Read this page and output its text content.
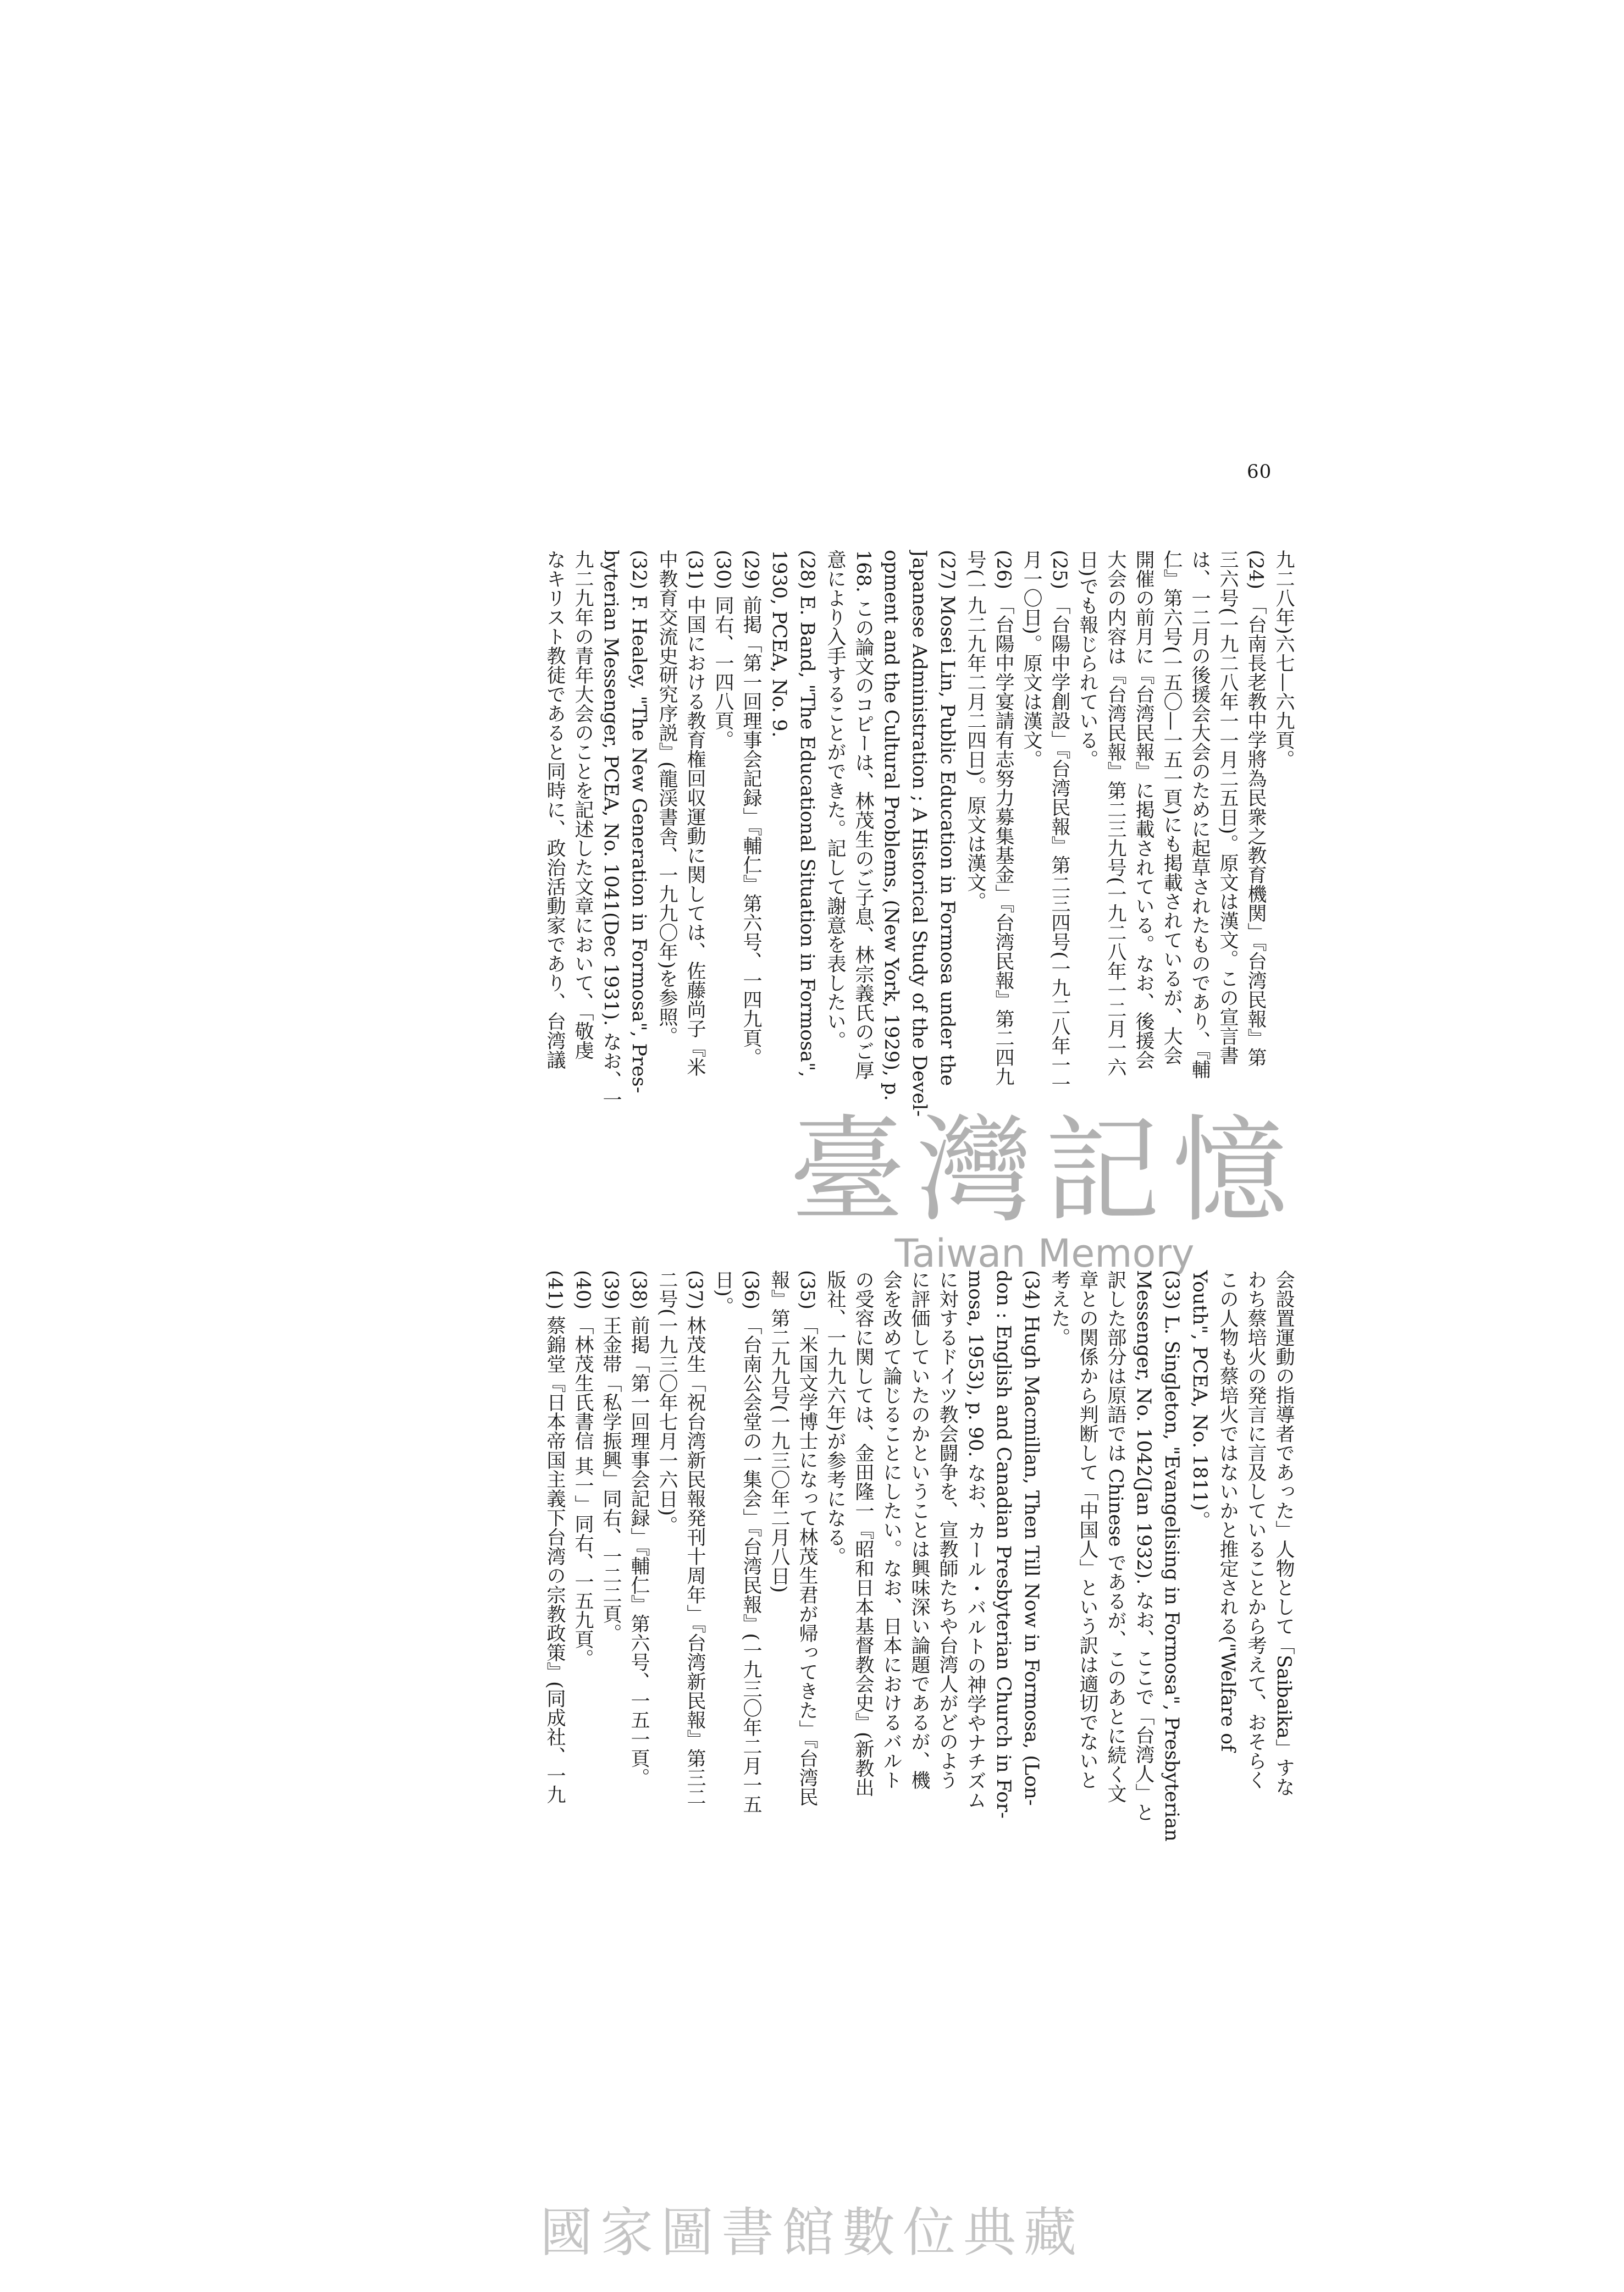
60
九二八年)六七—六九頁。
(24) 「台南長老教中学將為民衆之教育機関」『台湾民報』第
三六号(一九二八年一一月二五日)。原文は漢文。この宣言書
は、一二月の後援会大会のために起草されたものであり、『輔
仁』第六号(一五〇—一五一頁)にも掲載されているが、大会
開催の前月に『台湾民報』に掲載されている。なお、後援会
大会の内容は『台湾民報』第二三九号(一九二八年一二月一六
日)でも報じられている。
(25) 「台陽中学創設」『台湾民報』第二三四号(一九二八年一一
月一〇日)。原文は漢文。
(26) 「台陽中学宴請有志努力募集基金」『台湾民報』第二四九
号(一九二九年二月二四日)。原文は漢文。
(27) Mosei Lin, Public Education in Formosa under the
Japanese Administration ; A Historical Study of the Devel-
opment and the Cultural Problems, (New York, 1929), p.
168. この論文のコピーは、林茂生のご子息、林宗義氏のご厚
意により入手することができた。記して謝意を表したい。
(28) E. Band, "The Educational Situation in Formosa",
1930, PCEA, No. 9.
(29) 前掲「第一回理事会記録」『輔仁』第六号、一四九頁。
(30) 同右、一四八頁。
(31) 中国における教育権回収運動に関しては、佐藤尚子『米
中教育交流史研究序説』(龍渓書舎、一九九〇年)を参照。
(32) F. Healey, "The New Generation in Formosa", Pres-
byterian Messenger, PCEA, No. 1041(Dec 1931). なお、一
九二九年の青年大会のことを記述した文章において、「敬虔
なキリスト教徒であると同時に、政治活動家であり、台湾議
会設置運動の指導者であった」人物として「Saibaika」すな
わち蔡培火の発言に言及していることから考えて、おそらく
この人物も蔡培火ではないかと推定される("Welfare of
Youth", PCEA, No. 1811)。
(33) L. Singleton, "Evangelising in Formosa", Presbyterian
Messenger, No. 1042(Jan 1932). なお、ここで「台湾人」と
訳した部分は原語では Chinese であるが、このあとに続く文
章との関係から判断して「中国人」という訳は適切でないと
考えた。
(34) Hugh Macmillan, Then Till Now in Formosa, (Lon-
don : English and Canadian Presbyterian Church in For-
mosa, 1953), p. 90. なお、カール・バルトの神学やナチズム
に対するドイツ教会闘争を、宣教師たちや台湾人がどのよう
に評価していたのかということは興味深い論題であるが、機
会を改めて論じることにしたい。なお、日本におけるバルト
の受容に関しては、金田隆一『昭和日本基督教会史』(新教出
版社、一九九六年)が参考になる。
(35) 「米国文学博士になって林茂生君が帰ってきた」『台湾民
報』第二九九号(一九三〇年二月八日)
(36) 「台南公会堂の一集会」『台湾民報』(一九三〇年二月一五
日)。
(37) 林茂生「祝台湾新民報発刊十周年」『台湾新民報』第三二
二号(一九三〇年七月一六日)。
(38) 前掲「第一回理事会記録」『輔仁』第六号、一五一頁。
(39) 王金帯「私学振興」同右、一二二頁。
(40) 「林茂生氏書信 其一」同右、一五九頁。
(41) 蔡錦堂『日本帝国主義下台湾の宗教政策』(同成社、一九
臺灣記憶
Taiwan Memory
國家圖書館數位典藏
